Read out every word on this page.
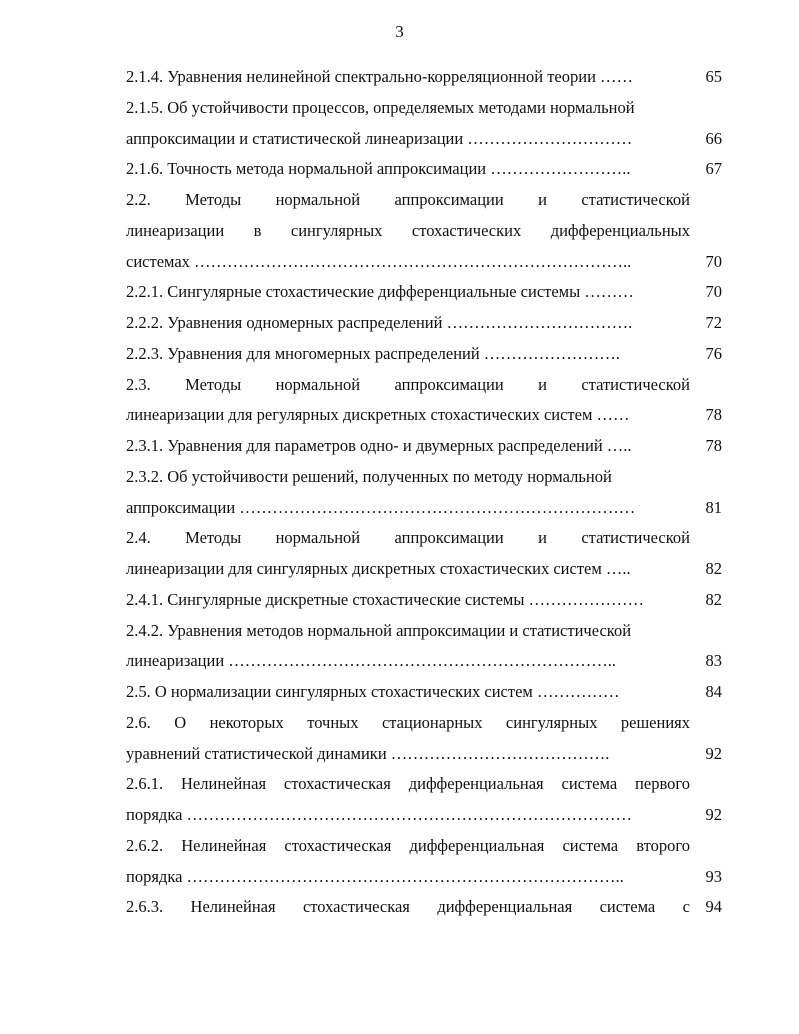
3
2.1.4. Уравнения нелинейной спектрально-корреляционной теории ……	65
2.1.5. Об устойчивости процессов, определяемых методами нормальной
аппроксимации и статистической линеаризации …………………………	66
2.1.6. Точность метода нормальной аппроксимации ……………………..	67
2.2. Методы нормальной аппроксимации и статистической
линеаризации в сингулярных стохастических дифференциальных
системах ……………………………………………………………………..	70
2.2.1. Сингулярные стохастические дифференциальные системы ………	70
2.2.2. Уравнения одномерных распределений …………………………….	72
2.2.3. Уравнения для многомерных распределений …………………….	76
2.3. Методы нормальной аппроксимации и статистической
линеаризации для регулярных дискретных стохастических систем ……	78
2.3.1. Уравнения для параметров одно- и двумерных распределений …..	78
2.3.2. Об устойчивости решений, полученных по методу нормальной
аппроксимации ………………………………………………………………	81
2.4. Методы нормальной аппроксимации и статистической
линеаризации для сингулярных дискретных стохастических систем …..	82
2.4.1. Сингулярные дискретные стохастические системы …………………	82
2.4.2. Уравнения методов нормальной аппроксимации и статистической
линеаризации ……………………………………………………………..	83
2.5. О нормализации сингулярных стохастических систем ……………	84
2.6. О некоторых точных стационарных сингулярных решениях
уравнений статистической динамики ………………………………….	92
2.6.1. Нелинейная стохастическая дифференциальная система первого
порядка ………………………………………………………………………	92
2.6.2. Нелинейная стохастическая дифференциальная система второго
порядка ……………………………………………………………………..	93
2.6.3. Нелинейная стохастическая дифференциальная система с 94
